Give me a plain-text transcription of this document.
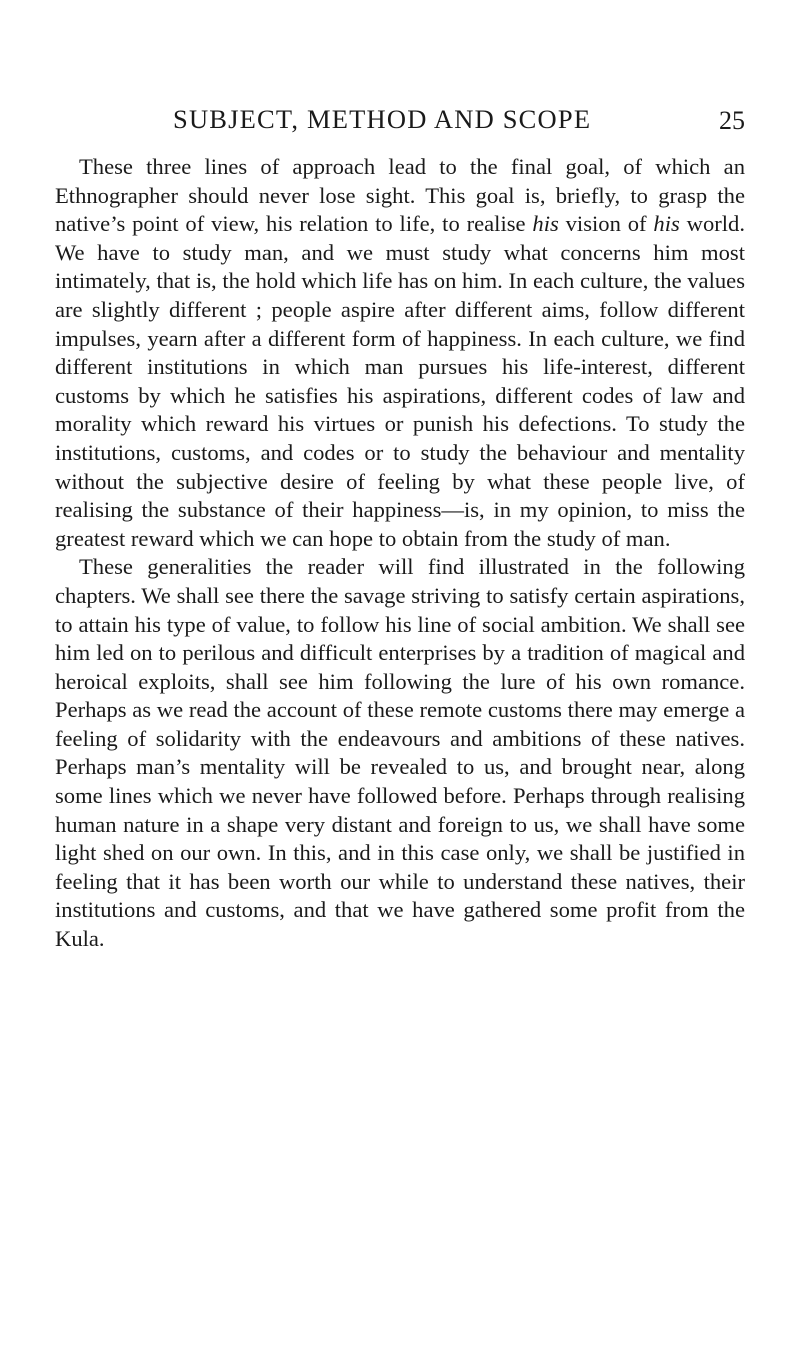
SUBJECT, METHOD AND SCOPE	25

These three lines of approach lead to the final goal, of which an Ethnographer should never lose sight. This goal is, briefly, to grasp the native’s point of view, his relation to life, to realise his vision of his world. We have to study man, and we must study what concerns him most intimately, that is, the hold which life has on him. In each culture, the values are slightly different ; people aspire after different aims, follow different impulses, yearn after a different form of happiness. In each culture, we find different institutions in which man pursues his life-interest, different customs by which he satisfies his aspirations, different codes of law and morality which reward his virtues or punish his defections. To study the institutions, customs, and codes or to study the behaviour and mentality without the subjective desire of feeling by what these people live, of realising the substance of their happiness—is, in my opinion, to miss the greatest reward which we can hope to obtain from the study of man.

These generalities the reader will find illustrated in the following chapters. We shall see there the savage striving to satisfy certain aspirations, to attain his type of value, to follow his line of social ambition. We shall see him led on to perilous and difficult enterprises by a tradition of magical and heroical exploits, shall see him following the lure of his own romance. Perhaps as we read the account of these remote customs there may emerge a feeling of solidarity with the endeavours and ambitions of these natives. Perhaps man’s mentality will be revealed to us, and brought near, along some lines which we never have followed before. Perhaps through realising human nature in a shape very distant and foreign to us, we shall have some light shed on our own. In this, and in this case only, we shall be justified in feeling that it has been worth our while to understand these natives, their institutions and customs, and that we have gathered some profit from the Kula.
